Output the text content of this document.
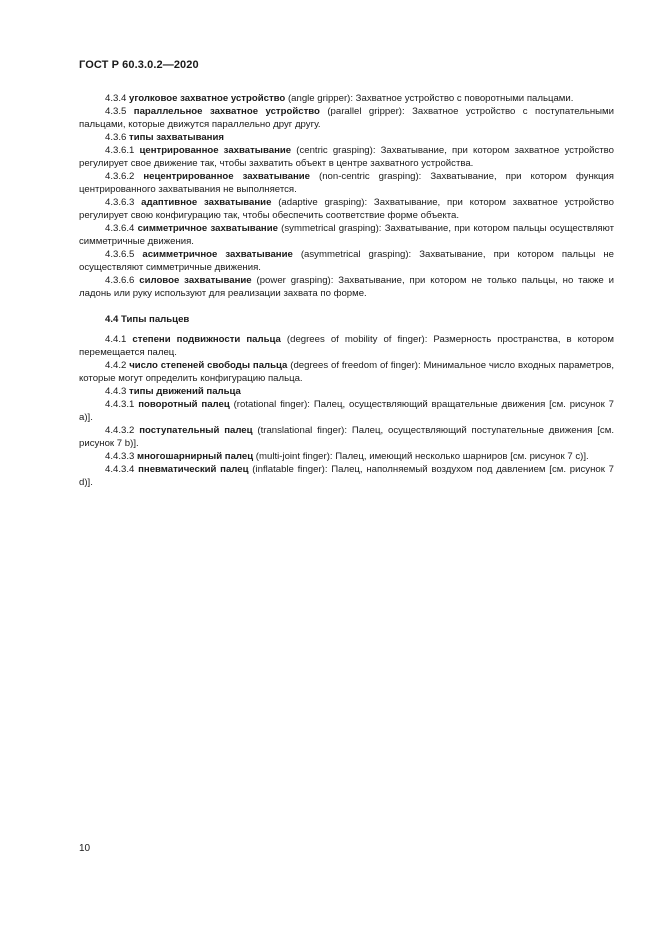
ГОСТ Р 60.3.0.2—2020

4.3.4 уголковое захватное устройство (angle gripper): Захватное устройство с поворотными пальцами.

4.3.5 параллельное захватное устройство (parallel gripper): Захватное устройство с поступательными пальцами, которые движутся параллельно друг другу.

4.3.6 типы захватывания

4.3.6.1 центрированное захватывание (centric grasping): Захватывание, при котором захватное устройство регулирует свое движение так, чтобы захватить объект в центре захватного устройства.

4.3.6.2 нецентрированное захватывание (non-centric grasping): Захватывание, при котором функция центрированного захватывания не выполняется.

4.3.6.3 адаптивное захватывание (adaptive grasping): Захватывание, при котором захватное устройство регулирует свою конфигурацию так, чтобы обеспечить соответствие форме объекта.

4.3.6.4 симметричное захватывание (symmetrical grasping): Захватывание, при котором пальцы осуществляют симметричные движения.

4.3.6.5 асимметричное захватывание (asymmetrical grasping): Захватывание, при котором пальцы не осуществляют симметричные движения.

4.3.6.6 силовое захватывание (power grasping): Захватывание, при котором не только пальцы, но также и ладонь или руку используют для реализации захвата по форме.

4.4 Типы пальцев

4.4.1 степени подвижности пальца (degrees of mobility of finger): Размерность пространства, в котором перемещается палец.

4.4.2 число степеней свободы пальца (degrees of freedom of finger): Минимальное число входных параметров, которые могут определить конфигурацию пальца.

4.4.3 типы движений пальца

4.4.3.1 поворотный палец (rotational finger): Палец, осуществляющий вращательные движения [см. рисунок 7 a)].

4.4.3.2 поступательный палец (translational finger): Палец, осуществляющий поступательные движения [см. рисунок 7 b)].

4.4.3.3 многошарнирный палец (multi-joint finger): Палец, имеющий несколько шарниров [см. рисунок 7 c)].

4.4.3.4 пневматический палец (inflatable finger): Палец, наполняемый воздухом под давлением [см. рисунок 7 d)].

10
